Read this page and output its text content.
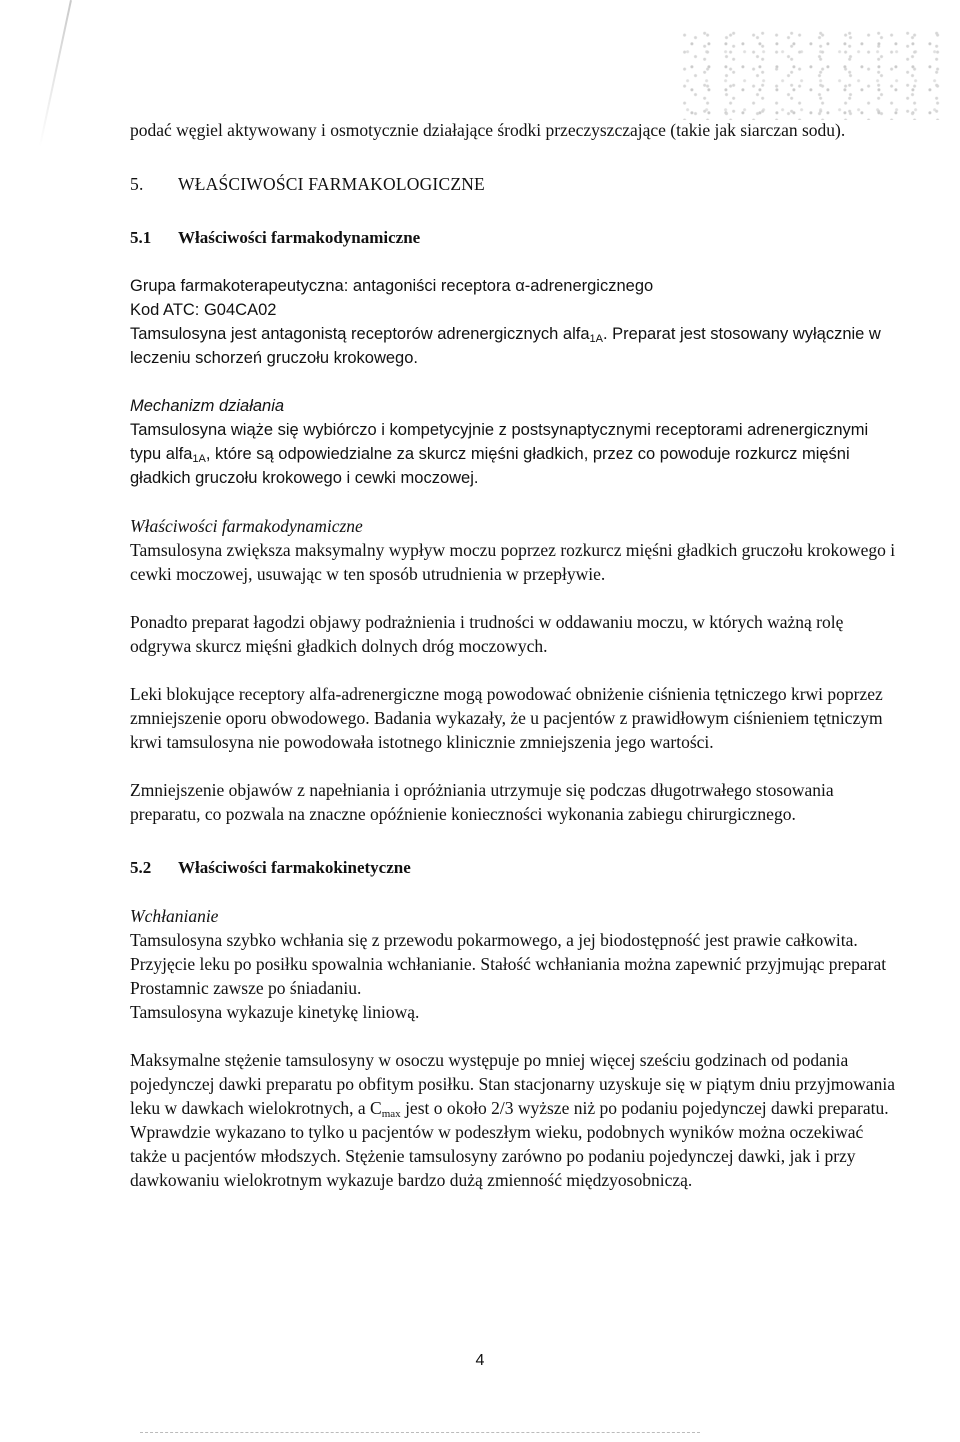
podać węgiel aktywowany i osmotycznie działające środki przeczyszczające (takie jak siarczan sodu).

5. WŁAŚCIWOŚCI FARMAKOLOGICZNE

5.1 Właściwości farmakodynamiczne

Grupa farmakoterapeutyczna: antagoniści receptora α-adrenergicznego

Kod ATC: G04CA02

Tamsulosyna jest antagonistą receptorów adrenergicznych alfa$_{1A}$. Preparat jest stosowany wyłącznie w leczeniu schorzeń gruczołu krokowego.

Mechanizm działania

Tamsulosyna wiąże się wybiórczo i kompetycyjnie z postsynaptycznymi receptorami adrenergicznymi typu alfa$_{1A}$, które są odpowiedzialne za skurcz mięśni gładkich, przez co powoduje rozkurcz mięśni gładkich gruczołu krokowego i cewki moczowej.

Właściwości farmakodynamiczne

Tamsulosyna zwiększa maksymalny wypływ moczu poprzez rozkurcz mięśni gładkich gruczołu krokowego i cewki moczowej, usuwając w ten sposób utrudnienia w przepływie.

Ponadto preparat łagodzi objawy podrażnienia i trudności w oddawaniu moczu, w których ważną rolę odgrywa skurcz mięśni gładkich dolnych dróg moczowych.

Leki blokujące receptory alfa-adrenergiczne mogą powodować obniżenie ciśnienia tętniczego krwi poprzez zmniejszenie oporu obwodowego. Badania wykazały, że u pacjentów z prawidłowym ciśnieniem tętniczym krwi tamsulosyna nie powodowała istotnego klinicznie zmniejszenia jego wartości.

Zmniejszenie objawów z napełniania i opróżniania utrzymuje się podczas długotrwałego stosowania preparatu, co pozwala na znaczne opóźnienie konieczności wykonania zabiegu chirurgicznego.

5.2 Właściwości farmakokinetyczne

Wchłanianie

Tamsulosyna szybko wchłania się z przewodu pokarmowego, a jej biodostępność jest prawie całkowita. Przyjęcie leku po posiłku spowalnia wchłanianie. Stałość wchłaniania można zapewnić przyjmując preparat Prostamnic zawsze po śniadaniu.

Tamsulosyna wykazuje kinetykę liniową.

Maksymalne stężenie tamsulosyny w osoczu występuje po mniej więcej sześciu godzinach od podania pojedynczej dawki preparatu po obfitym posiłku. Stan stacjonarny uzyskuje się w piątym dniu przyjmowania leku w dawkach wielokrotnych, a $C_{max}$ jest o około 2/3 wyższe niż po podaniu pojedynczej dawki preparatu. Wprawdzie wykazano to tylko u pacjentów w podeszłym wieku, podobnych wyników można oczekiwać także u pacjentów młodszych. Stężenie tamsulosyny zarówno po podaniu pojedynczej dawki, jak i przy dawkowaniu wielokrotnym wykazuje bardzo dużą zmienność międzyosobniczą.

4
